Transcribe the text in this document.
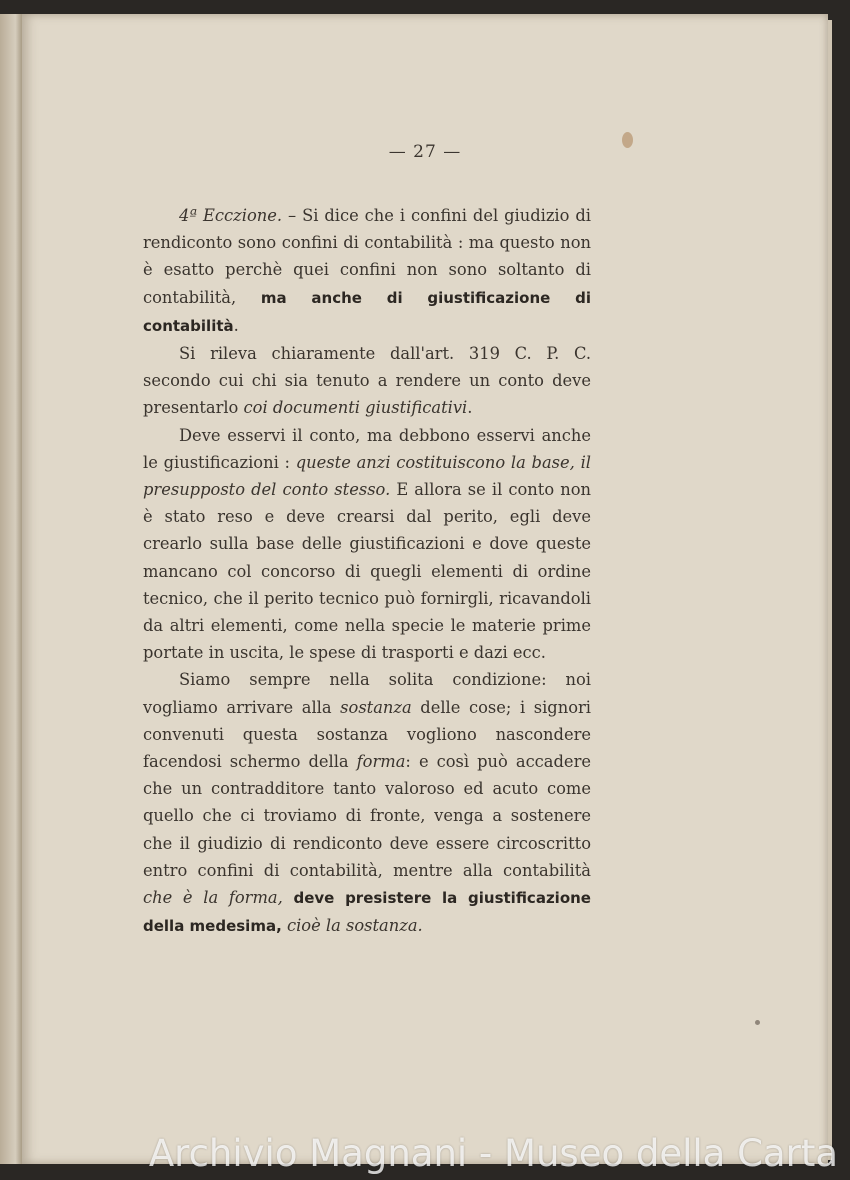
— 27 —

4ª Ecczione. – Si dice che i confini del giudizio di rendiconto sono confini di contabilità : ma questo non è esatto perchè quei confini non sono soltanto di contabilità, ma anche di giustificazione di contabilità.

Si rileva chiaramente dall'art. 319 C. P. C. secondo cui chi sia tenuto a rendere un conto deve presentarlo coi documenti giustificativi.

Deve esservi il conto, ma debbono esservi anche le giustificazioni : queste anzi costituiscono la base, il presupposto del conto stesso. E allora se il conto non è stato reso e deve crearsi dal perito, egli deve crearlo sulla base delle giustificazioni e dove queste mancano col concorso di quegli elementi di ordine tecnico, che il perito tecnico può fornirgli, ricavandoli da altri elementi, come nella specie le materie prime portate in uscita, le spese di trasporti e dazi ecc.

Siamo sempre nella solita condizione: noi vogliamo arrivare alla sostanza delle cose; i signori convenuti questa sostanza vogliono nascondere facendosi schermo della forma: e così può accadere che un contradditore tanto valoroso ed acuto come quello che ci troviamo di fronte, venga a sostenere che il giudizio di rendiconto deve essere circoscritto entro confini di contabilità, mentre alla contabilità che è la forma, deve presistere la giustificazione della medesima, cioè la sostanza.

Archivio Magnani - Museo della Carta
